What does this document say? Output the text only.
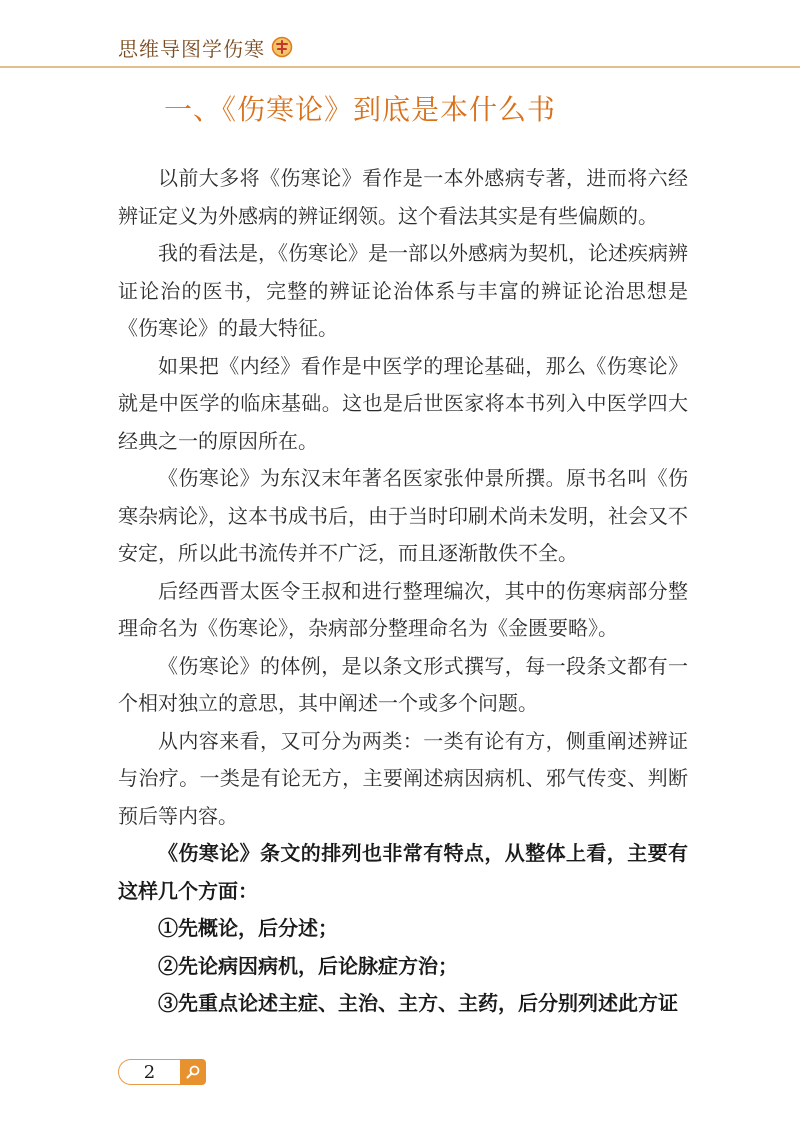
思维导图学伤寒
一、《伤寒论》到底是本什么书

以前大多将《伤寒论》看作是一本外感病专著，进而将六经辨证定义为外感病的辨证纲领。这个看法其实是有些偏颇的。

我的看法是，《伤寒论》是一部以外感病为契机，论述疾病辨证论治的医书，完整的辨证论治体系与丰富的辨证论治思想是《伤寒论》的最大特征。

如果把《内经》看作是中医学的理论基础，那么《伤寒论》就是中医学的临床基础。这也是后世医家将本书列入中医学四大经典之一的原因所在。

《伤寒论》为东汉末年著名医家张仲景所撰。原书名叫《伤寒杂病论》，这本书成书后，由于当时印刷术尚未发明，社会又不安定，所以此书流传并不广泛，而且逐渐散佚不全。

后经西晋太医令王叔和进行整理编次，其中的伤寒病部分整理命名为《伤寒论》，杂病部分整理命名为《金匮要略》。

《伤寒论》的体例，是以条文形式撰写，每一段条文都有一个相对独立的意思，其中阐述一个或多个问题。

从内容来看，又可分为两类：一类有论有方，侧重阐述辨证与治疗。一类是有论无方，主要阐述病因病机、邪气传变、判断预后等内容。

《伤寒论》条文的排列也非常有特点，从整体上看，主要有这样几个方面：

①先概论，后分述；

②先论病因病机，后论脉症方治；

③先重点论述主症、主治、主方、主药，后分别列述此方证

2
